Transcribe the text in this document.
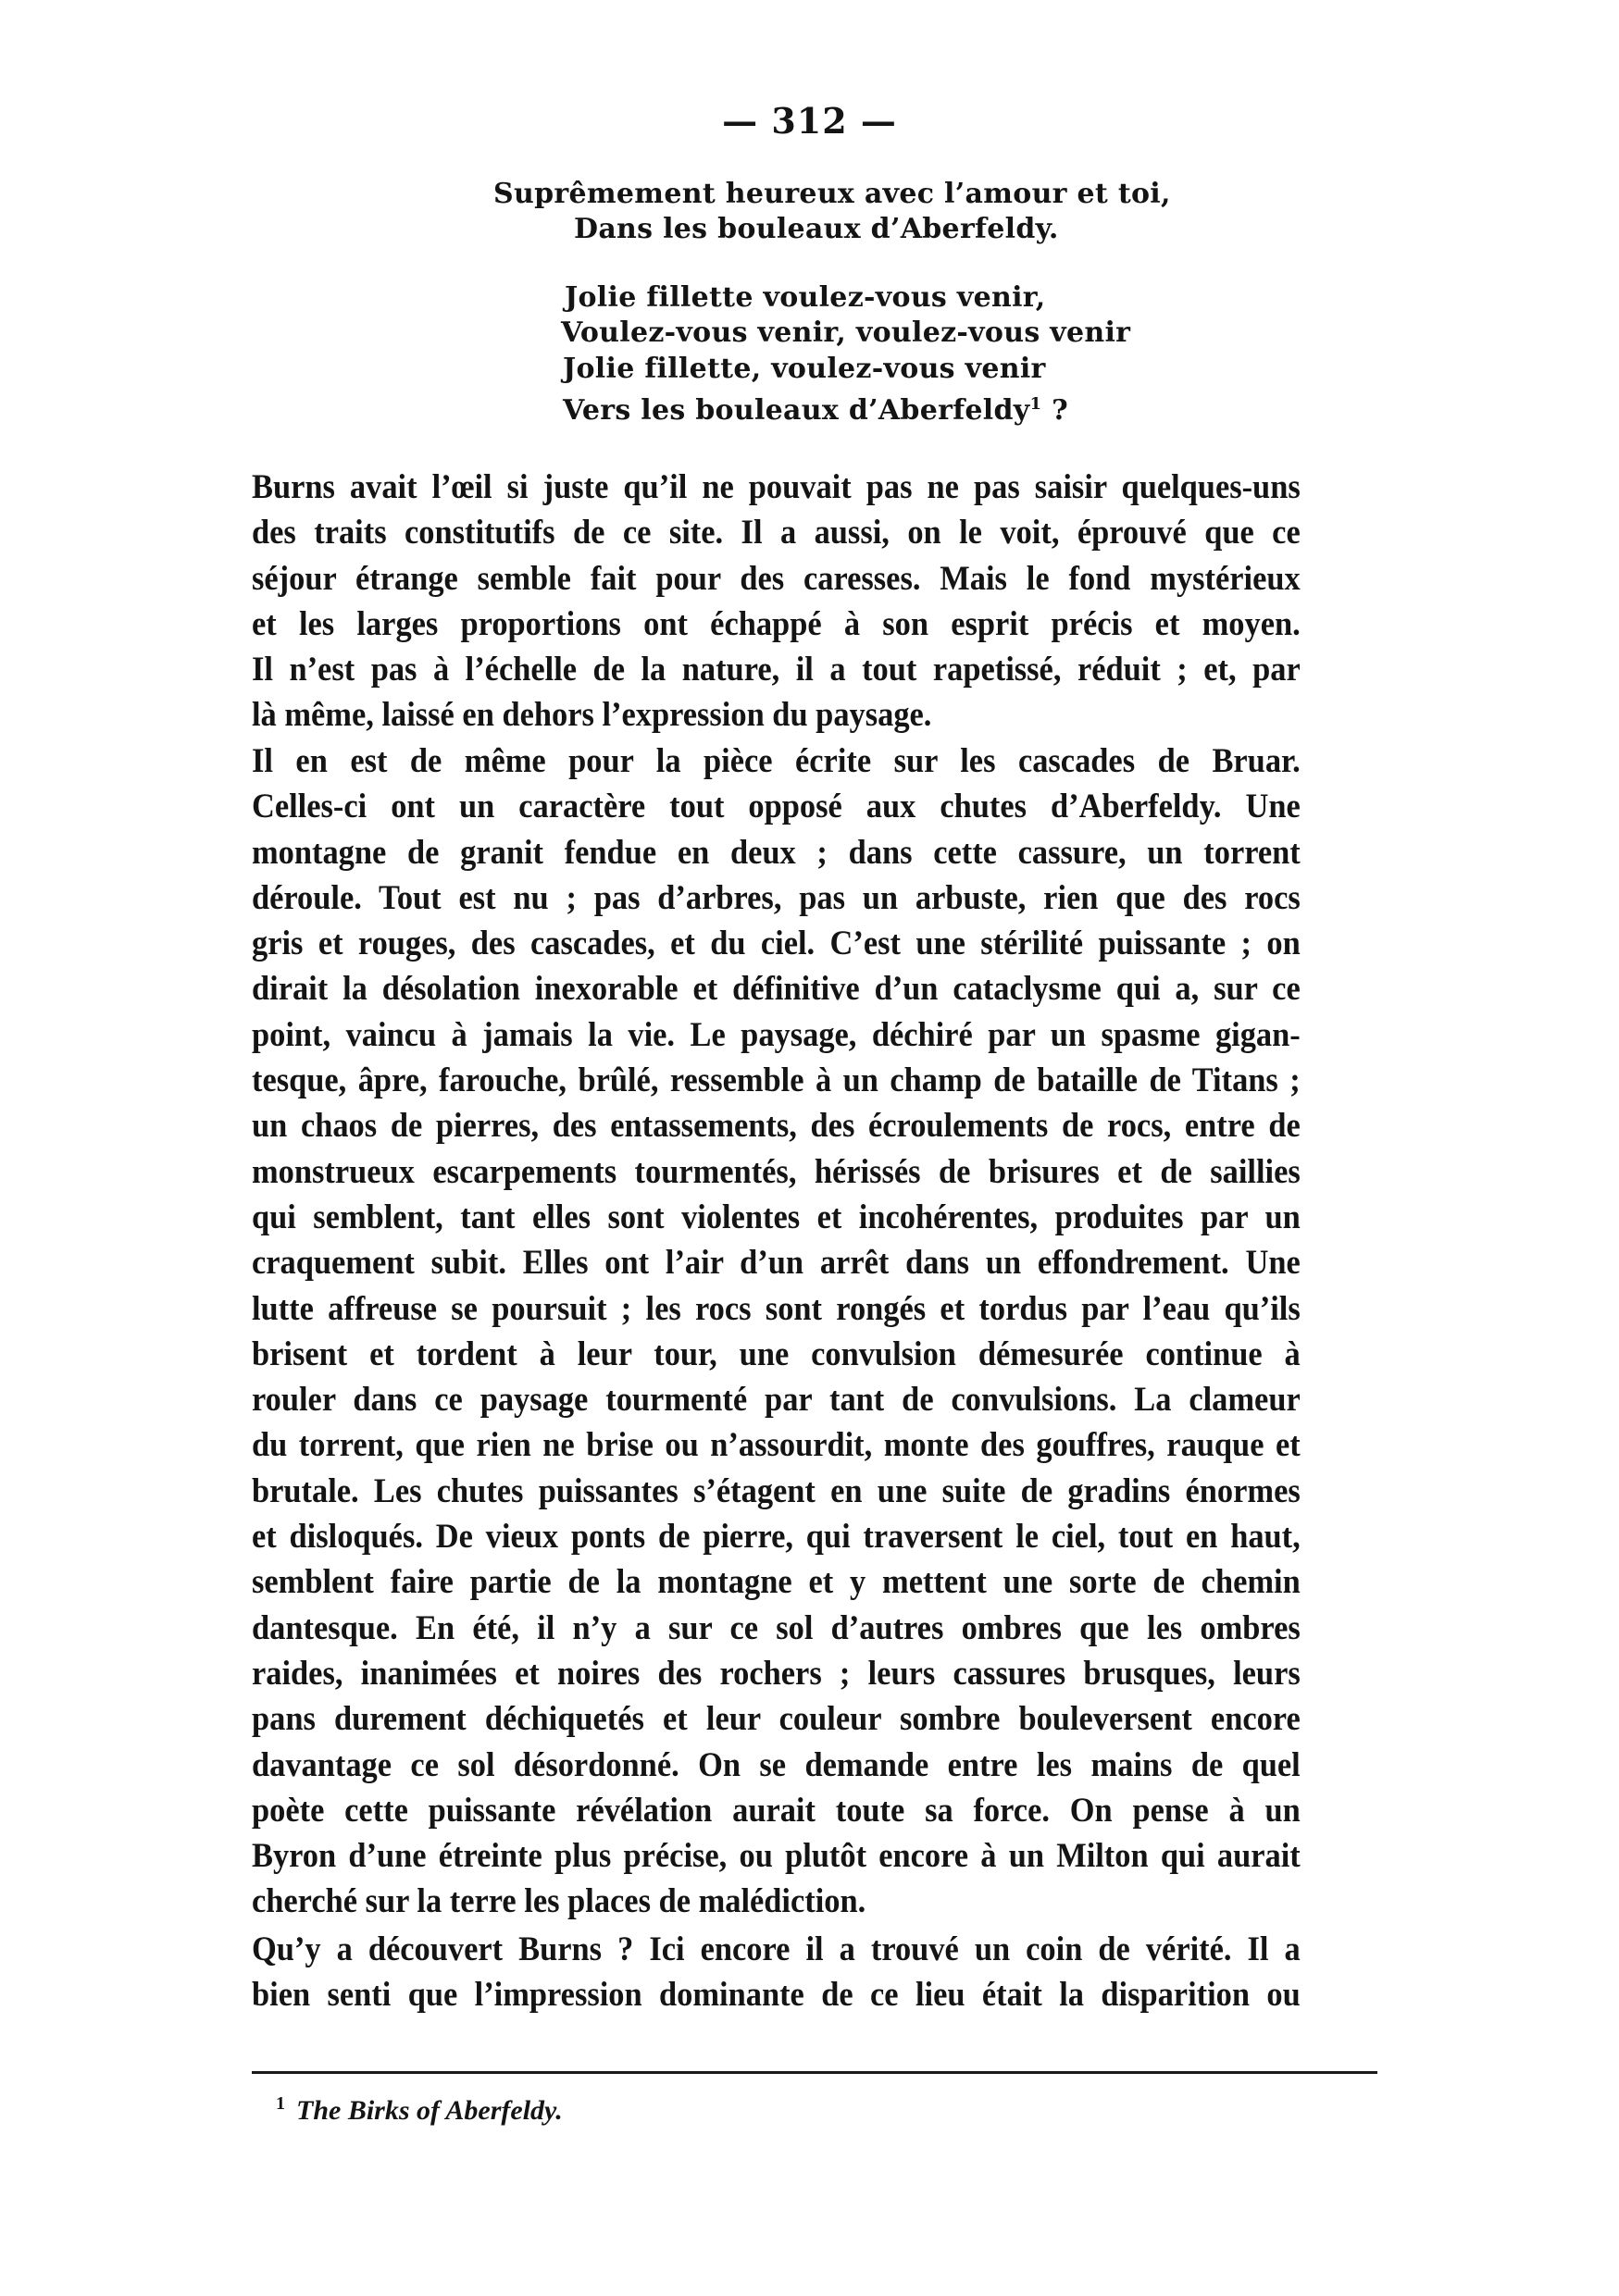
— 312 —
Suprêmement heureux avec l’amour et toi,
Dans les bouleaux d’Aberfeldy.
Jolie fillette voulez-vous venir,
Voulez-vous venir, voulez-vous venir
Jolie fillette, voulez-vous venir
Vers les bouleaux d’Aberfeldy$^1$ ?
Burns avait l’œil si juste qu’il ne pouvait pas ne pas saisir quelques-uns
des traits constitutifs de ce site. Il a aussi, on le voit, éprouvé que ce
séjour étrange semble fait pour des caresses. Mais le fond mystérieux
et les larges proportions ont échappé à son esprit précis et moyen.
Il n’est pas à l’échelle de la nature, il a tout rapetissé, réduit ; et, par
là même, laissé en dehors l’expression du paysage.
Il en est de même pour la pièce écrite sur les cascades de Bruar.
Celles-ci ont un caractère tout opposé aux chutes d’Aberfeldy. Une
montagne de granit fendue en deux ; dans cette cassure, un torrent
déroule. Tout est nu ; pas d’arbres, pas un arbuste, rien que des rocs
gris et rouges, des cascades, et du ciel. C’est une stérilité puissante ; on
dirait la désolation inexorable et définitive d’un cataclysme qui a, sur ce
point, vaincu à jamais la vie. Le paysage, déchiré par un spasme gigan-
tesque, âpre, farouche, brûlé, ressemble à un champ de bataille de Titans ;
un chaos de pierres, des entassements, des écroulements de rocs, entre de
monstrueux escarpements tourmentés, hérissés de brisures et de saillies
qui semblent, tant elles sont violentes et incohérentes, produites par un
craquement subit. Elles ont l’air d’un arrêt dans un effondrement. Une
lutte affreuse se poursuit ; les rocs sont rongés et tordus par l’eau qu’ils
brisent et tordent à leur tour, une convulsion démesurée continue à
rouler dans ce paysage tourmenté par tant de convulsions. La clameur
du torrent, que rien ne brise ou n’assourdit, monte des gouffres, rauque et
brutale. Les chutes puissantes s’étagent en une suite de gradins énormes
et disloqués. De vieux ponts de pierre, qui traversent le ciel, tout en haut,
semblent faire partie de la montagne et y mettent une sorte de chemin
dantesque. En été, il n’y a sur ce sol d’autres ombres que les ombres
raides, inanimées et noires des rochers ; leurs cassures brusques, leurs
pans durement déchiquetés et leur couleur sombre bouleversent encore
davantage ce sol désordonné. On se demande entre les mains de quel
poète cette puissante révélation aurait toute sa force. On pense à un
Byron d’une étreinte plus précise, ou plutôt encore à un Milton qui aurait
cherché sur la terre les places de malédiction.
Qu’y a découvert Burns ? Ici encore il a trouvé un coin de vérité. Il a
bien senti que l’impression dominante de ce lieu était la disparition ou
$^1$ The Birks of Aberfeldy.
